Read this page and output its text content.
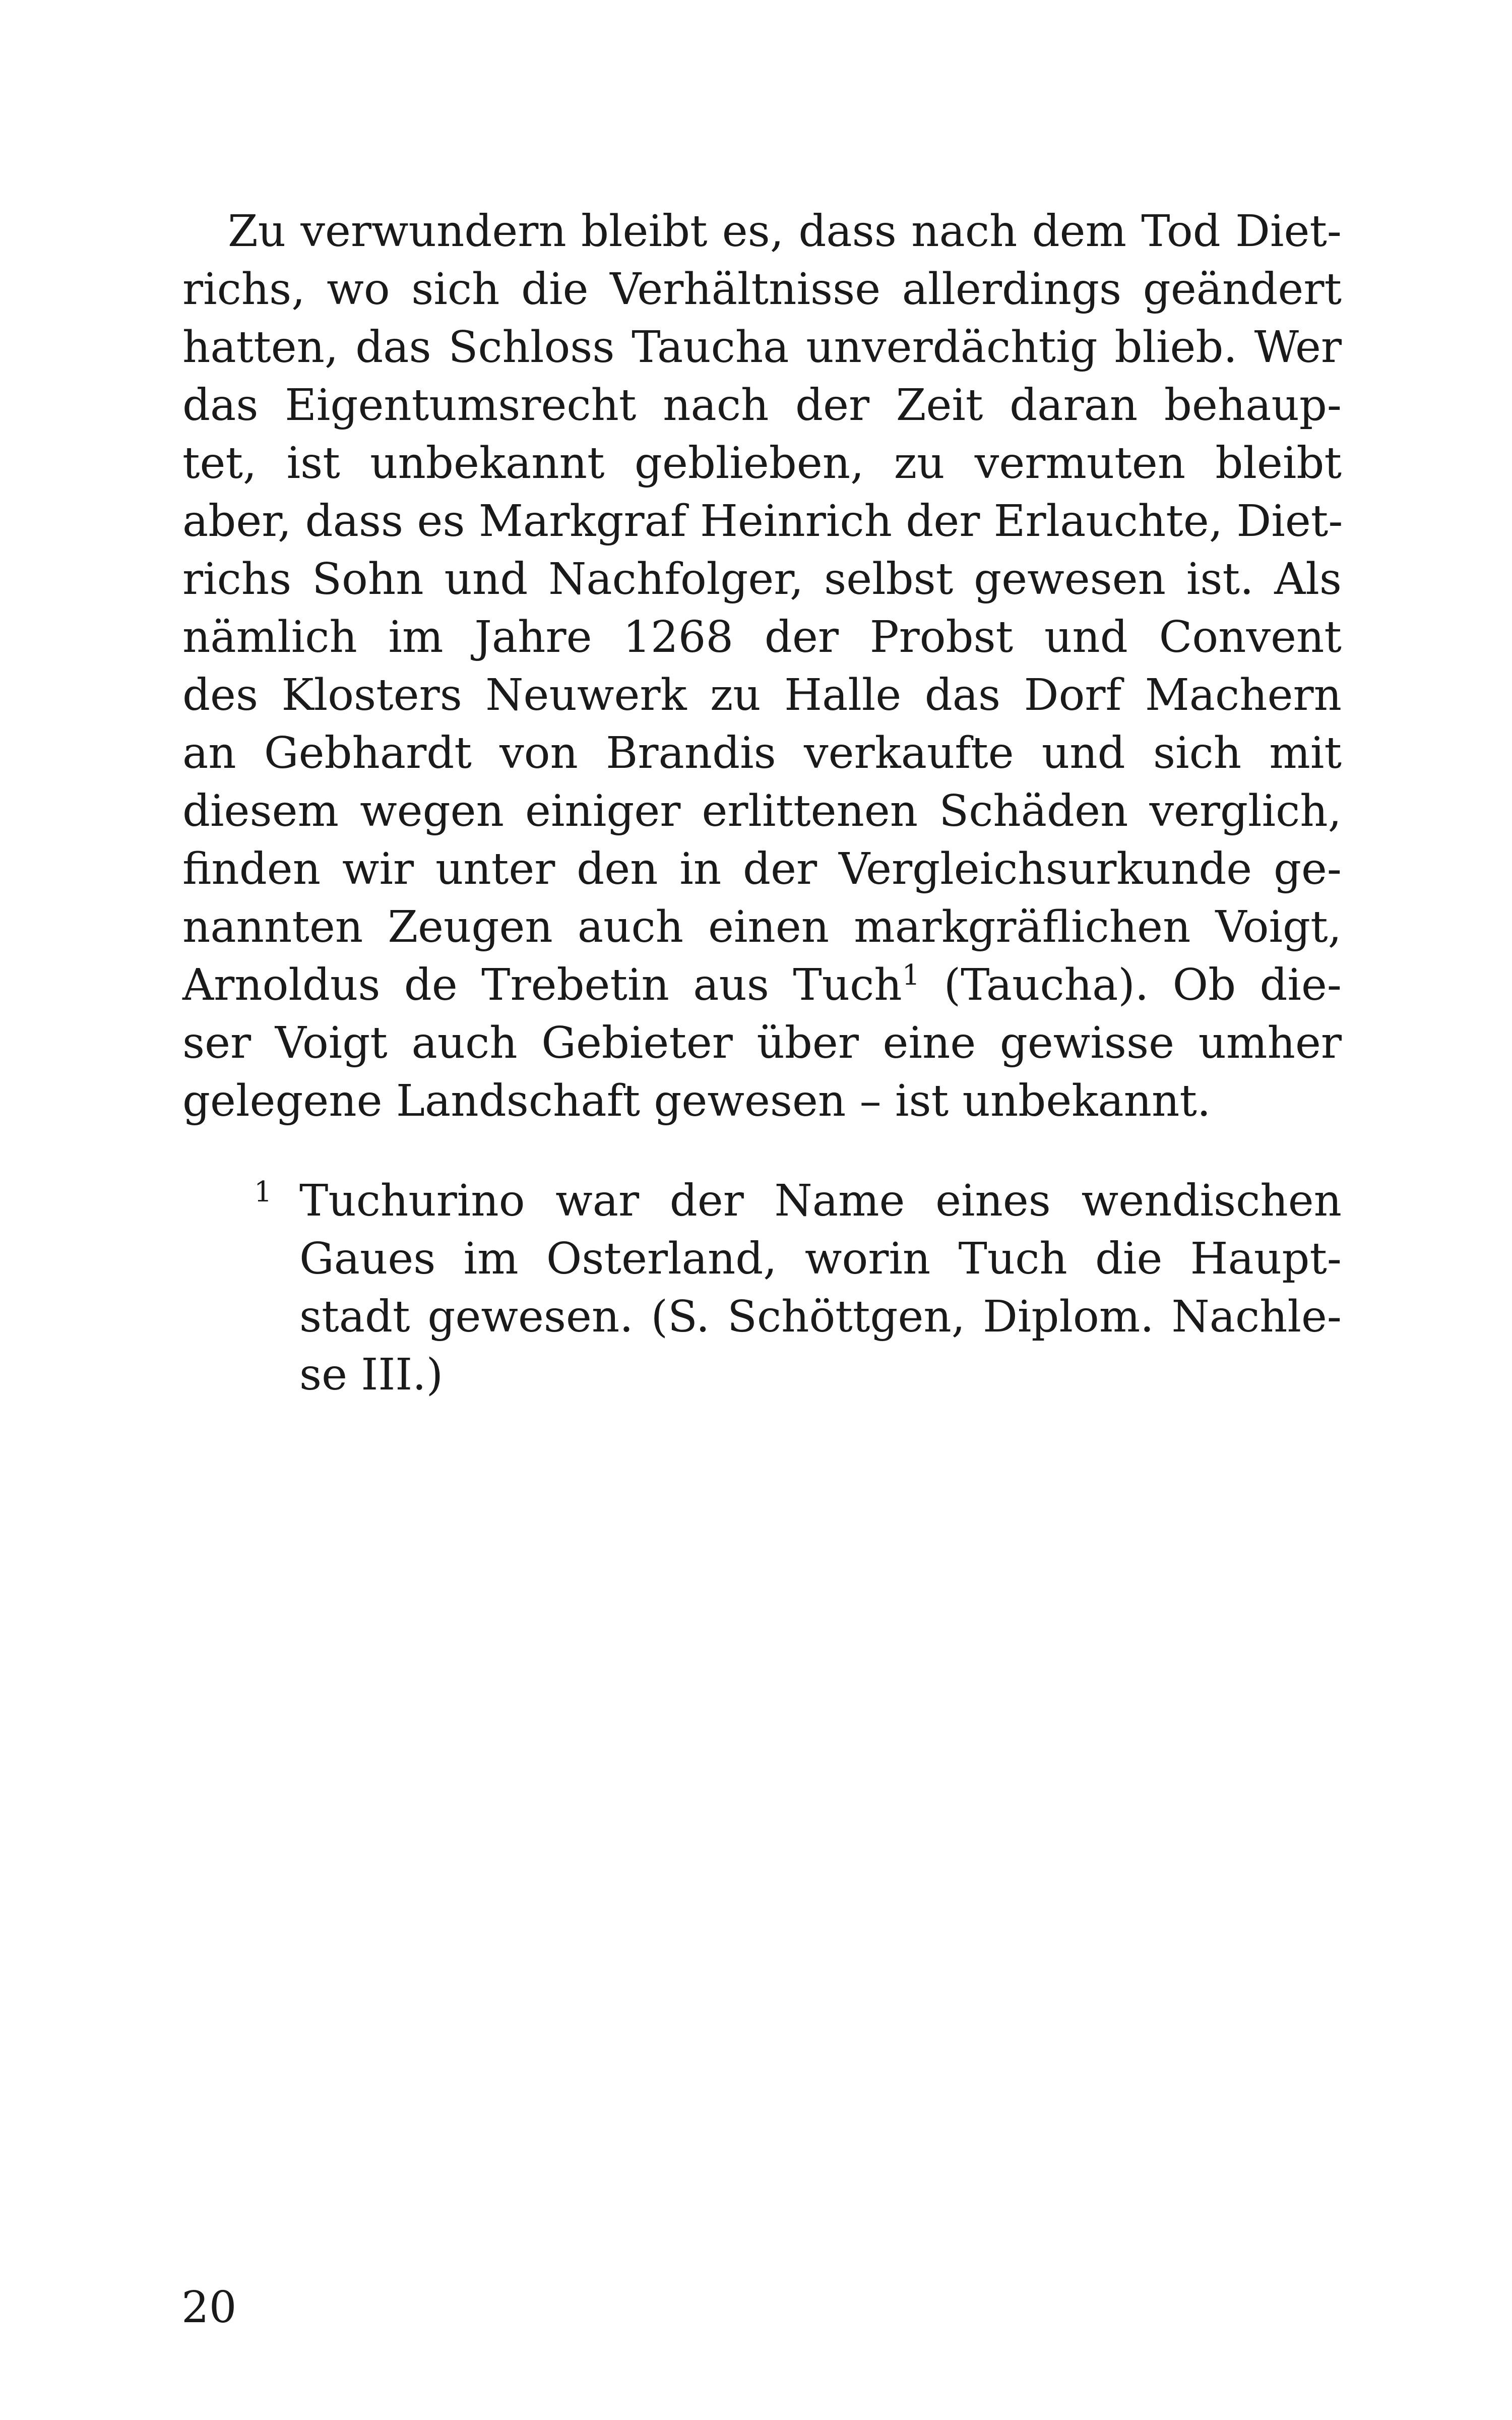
Zu verwundern bleibt es, dass nach dem Tod Diet-
richs, wo sich die Verhältnisse allerdings geändert
hatten, das Schloss Taucha unverdächtig blieb. Wer
das Eigentumsrecht nach der Zeit daran behaup-
tet, ist unbekannt geblieben, zu vermuten bleibt
aber, dass es Markgraf Heinrich der Erlauchte, Diet-
richs Sohn und Nachfolger, selbst gewesen ist. Als
nämlich im Jahre 1268 der Probst und Convent
des Klosters Neuwerk zu Halle das Dorf Machern
an Gebhardt von Brandis verkaufte und sich mit
diesem wegen einiger erlittenen Schäden verglich,
finden wir unter den in der Vergleichsurkunde ge-
nannten Zeugen auch einen markgräflichen Voigt,
Arnoldus de Trebetin aus Tuch$^1$ (Taucha). Ob die-
ser Voigt auch Gebieter über eine gewisse umher
gelegene Landschaft gewesen – ist unbekannt.
1 Tuchurino war der Name eines wendischen
Gaues im Osterland, worin Tuch die Haupt-
stadt gewesen. (S. Schöttgen, Diplom. Nachle-
se III.)
20
